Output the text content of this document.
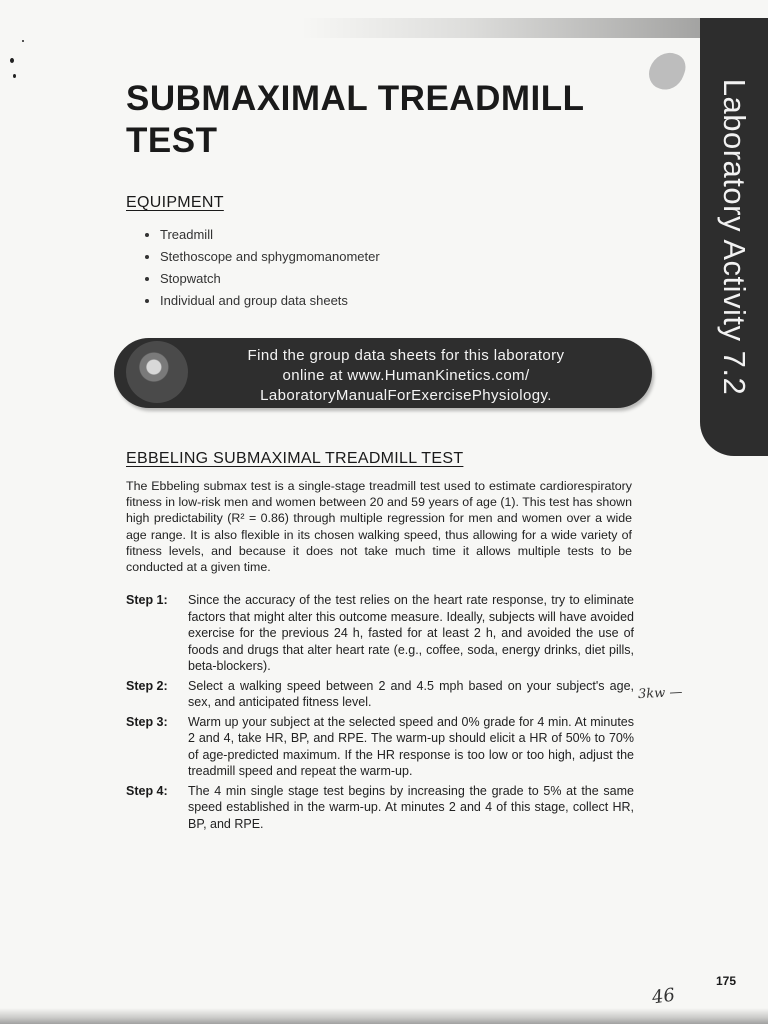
Laboratory Activity 7.2
SUBMAXIMAL TREADMILL
TEST
EQUIPMENT
• Treadmill
• Stethoscope and sphygmomanometer
• Stopwatch
• Individual and group data sheets
Find the group data sheets for this laboratory
online at www.HumanKinetics.com/
LaboratoryManualForExercisePhysiology.
EBBELING SUBMAXIMAL TREADMILL TEST

The Ebbeling submax test is a single-stage treadmill test used to estimate cardiorespiratory fitness in low-risk men and women between 20 and 59 years of age (1). This test has shown high predictability (R² = 0.86) through multiple regression for men and women over a wide age range. It is also flexible in its chosen walking speed, thus allowing for a wide variety of fitness levels, and because it does not take much time it allows multiple tests to be conducted at a given time.

Step 1:	Since the accuracy of the test relies on the heart rate response, try to eliminate factors that might alter this outcome measure. Ideally, subjects will have avoided exercise for the previous 24 h, fasted for at least 2 h, and avoided the use of foods and drugs that alter heart rate (e.g., coffee, soda, energy drinks, diet pills, beta-blockers).
Step 2:	Select a walking speed between 2 and 4.5 mph based on your subject's age, sex, and anticipated fitness level.
Step 3:	Warm up your subject at the selected speed and 0% grade for 4 min. At minutes 2 and 4, take HR, BP, and RPE. The warm-up should elicit a HR of 50% to 70% of age-predicted maximum. If the HR response is too low or too high, adjust the treadmill speed and repeat the warm-up.
Step 4:	The 4 min single stage test begins by increasing the grade to 5% at the same speed established in the warm-up. At minutes 2 and 4 of this stage, collect HR, BP, and RPE.
3kw —
175
46
